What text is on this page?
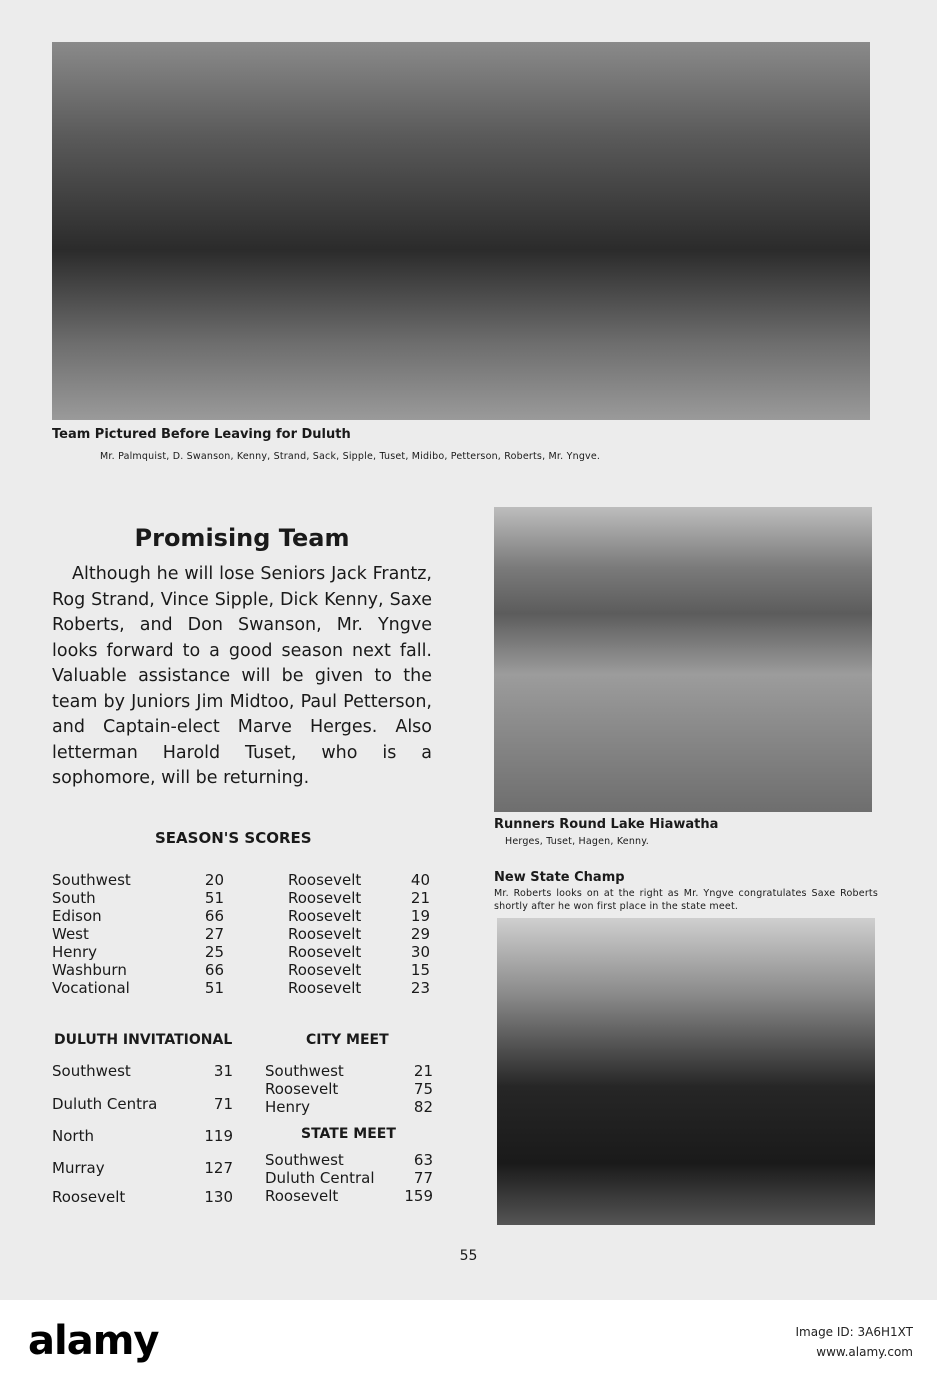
Team Pictured Before Leaving for Duluth
Mr. Palmquist, D. Swanson, Kenny, Strand, Sack, Sipple, Tuset, Midibo, Petterson, Roberts, Mr. Yngve.
Promising Team
Although he will lose Seniors Jack Frantz, Rog Strand, Vince Sipple, Dick Kenny, Saxe Roberts, and Don Swanson, Mr. Yngve looks forward to a good season next fall. Valuable assistance will be given to the team by Juniors Jim Midtoo, Paul Petterson, and Captain-elect Marve Herges. Also letterman Harold Tuset, who is a sophomore, will be returning.
SEASON'S SCORES
Southwest	20	Roosevelt	40
South	51	Roosevelt	21
Edison	66	Roosevelt	19
West	27	Roosevelt	29
Henry	25	Roosevelt	30
Washburn	66	Roosevelt	15
Vocational	51	Roosevelt	23
DULUTH INVITATIONAL
Southwest	31
Duluth Centra	71
North	119
Murray	127
Roosevelt	130
CITY MEET
Southwest	21
Roosevelt	75
Henry	82
STATE MEET
Southwest	63
Duluth Central	77
Roosevelt	159
Runners Round Lake Hiawatha
Herges, Tuset, Hagen, Kenny.
New State Champ
Mr. Roberts looks on at the right as Mr. Yngve congratulates Saxe Roberts shortly after he won first place in the state meet.
55
alamy	Image ID: 3A6H1XT
www.alamy.com
